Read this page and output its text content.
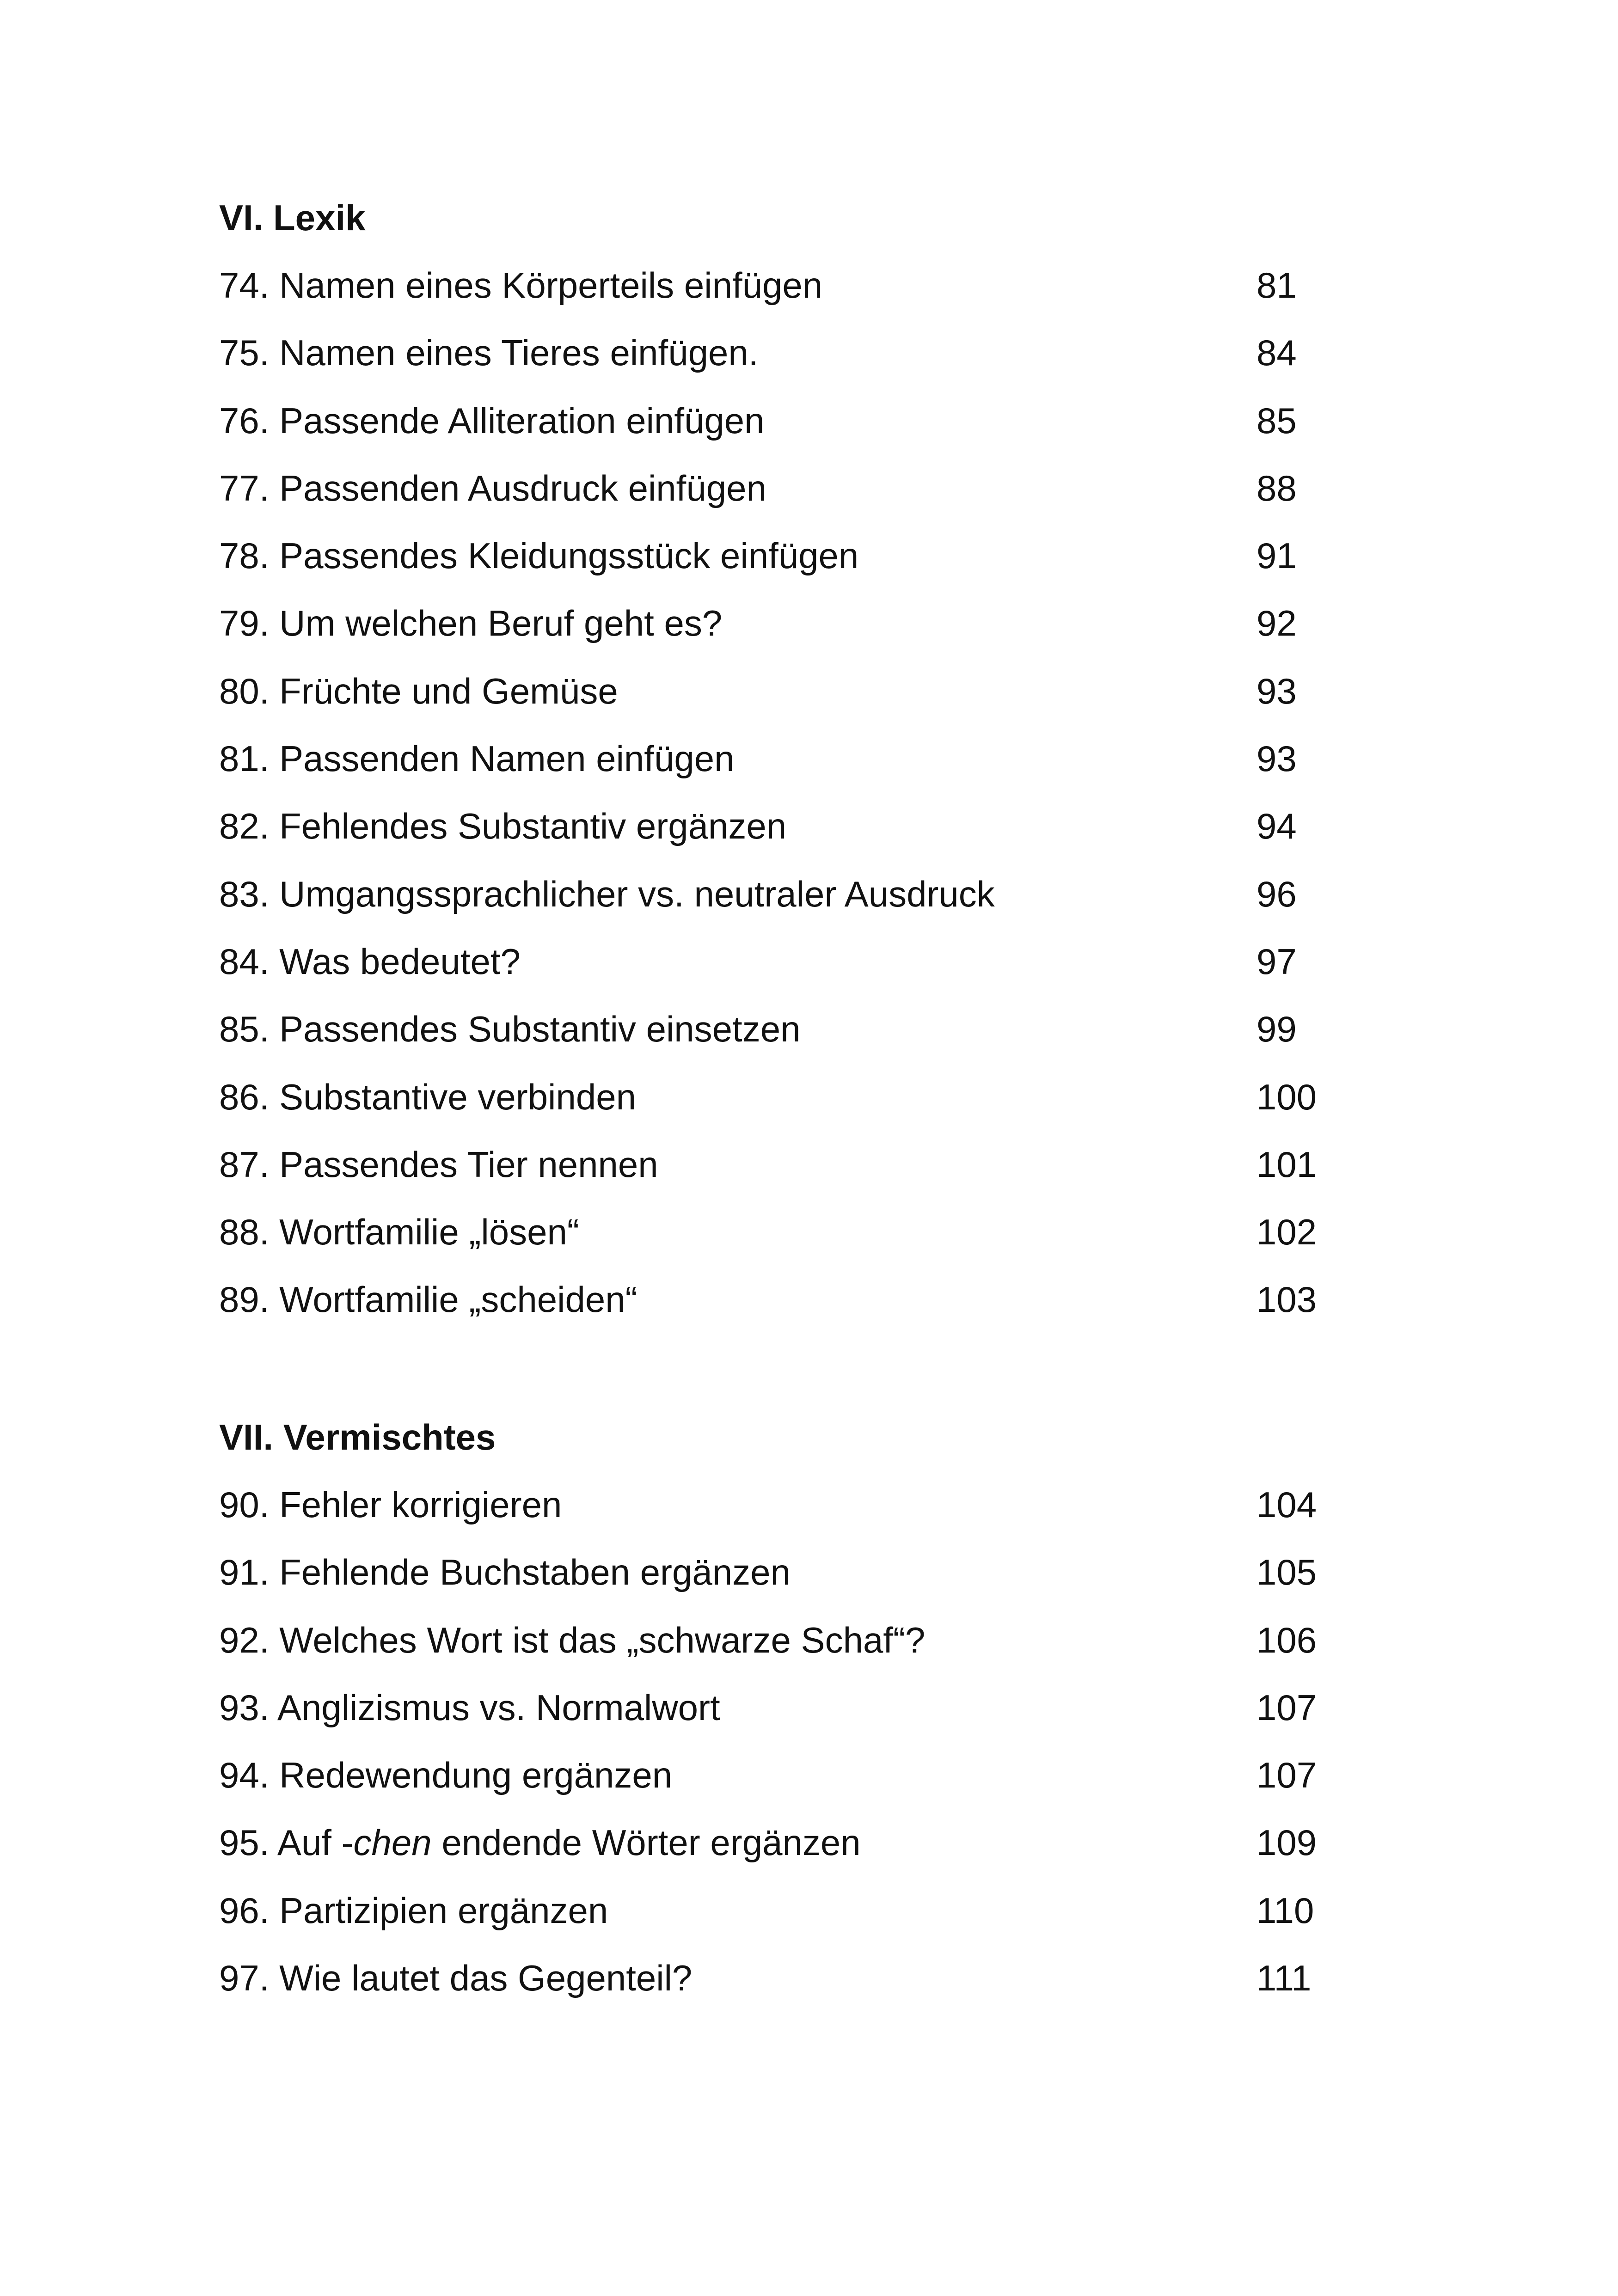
VI. Lexik
74. Namen eines Körperteils einfügen	81
75. Namen eines Tieres einfügen.	84
76. Passende Alliteration einfügen	85
77. Passenden Ausdruck einfügen	88
78. Passendes Kleidungsstück einfügen	91
79. Um welchen Beruf geht es?	92
80. Früchte und Gemüse	93
81. Passenden Namen einfügen	93
82. Fehlendes Substantiv ergänzen	94
83. Umgangssprachlicher vs. neutraler Ausdruck	96
84. Was bedeutet?	97
85. Passendes Substantiv einsetzen	99
86. Substantive verbinden	100
87. Passendes Tier nennen	101
88. Wortfamilie „lösen“	102
89. Wortfamilie „scheiden“	103
VII. Vermischtes
90. Fehler korrigieren	104
91. Fehlende Buchstaben ergänzen	105
92. Welches Wort ist das „schwarze Schaf“?	106
93. Anglizismus vs. Normalwort	107
94. Redewendung ergänzen	107
95. Auf -chen endende Wörter ergänzen	109
96. Partizipien ergänzen	110
97. Wie lautet das Gegenteil?	111
